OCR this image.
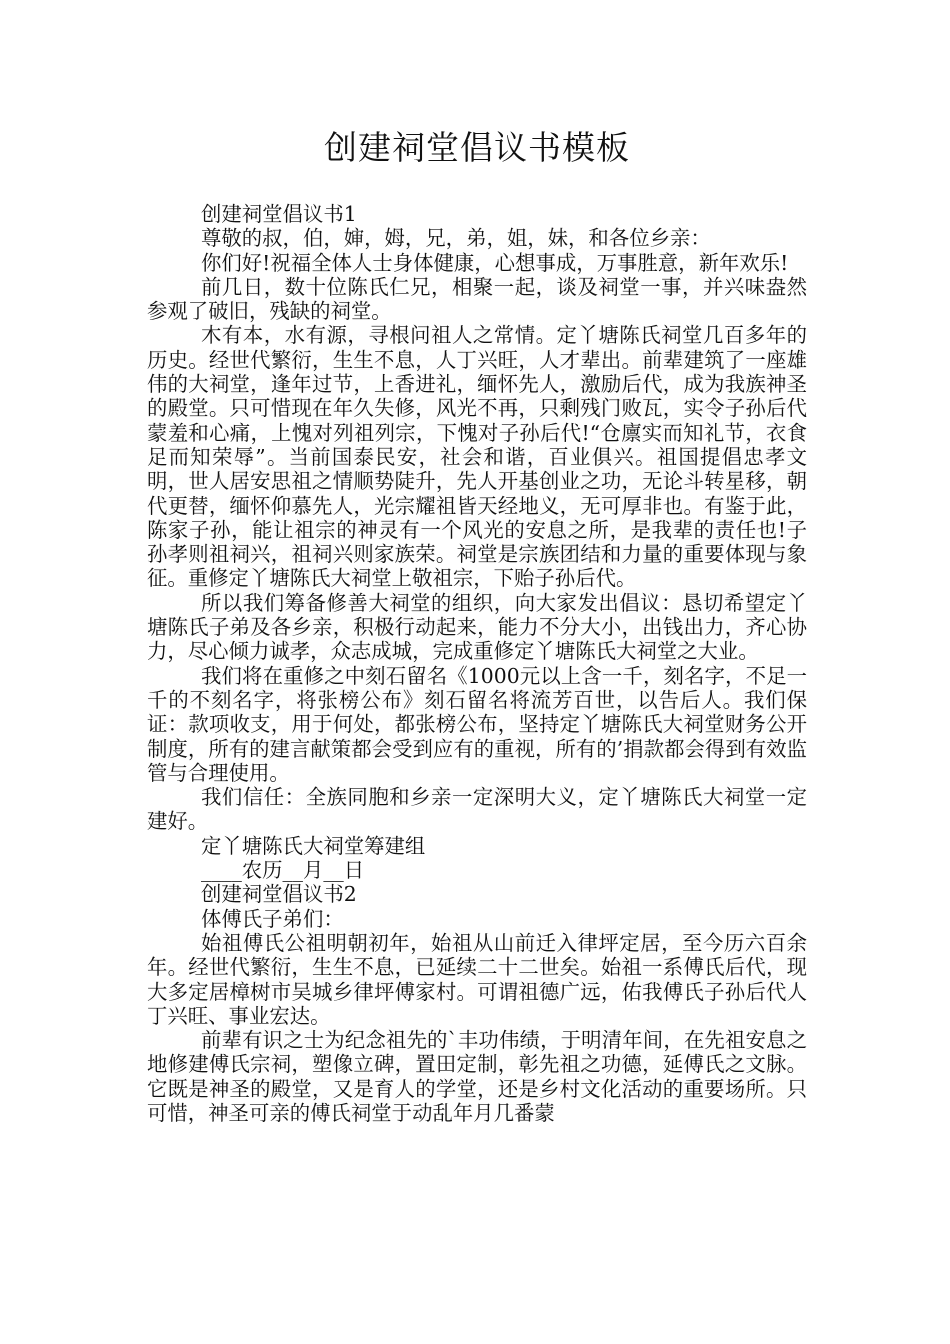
创建祠堂倡议书模板

创建祠堂倡议书1

尊敬的叔，伯，婶，姆，兄，弟，姐，妹，和各位乡亲：

你们好!祝福全体人士身体健康，心想事成，万事胜意，新年欢乐!

前几日，数十位陈氏仁兄，相聚一起，谈及祠堂一事，并兴味盎然参观了破旧，残缺的祠堂。

木有本，水有源，寻根问祖人之常情。定丫塘陈氏祠堂几百多年的历史。经世代繁衍，生生不息，人丁兴旺，人才辈出。前辈建筑了一座雄伟的大祠堂，逢年过节，上香进礼，缅怀先人，激励后代，成为我族神圣的殿堂。只可惜现在年久失修，风光不再，只剩残门败瓦，实令子孙后代蒙羞和心痛，上愧对列祖列宗，下愧对子孙后代!“仓廪实而知礼节，衣食足而知荣辱”。当前国泰民安，社会和谐，百业俱兴。祖国提倡忠孝文明，世人居安思祖之情顺势陡升，先人开基创业之功，无论斗转星移，朝代更替，缅怀仰慕先人，光宗耀祖皆天经地义，无可厚非也。有鉴于此，陈家子孙，能让祖宗的神灵有一个风光的安息之所，是我辈的责任也!子孙孝则祖祠兴，祖祠兴则家族荣。祠堂是宗族团结和力量的重要体现与象征。重修定丫塘陈氏大祠堂上敬祖宗，下贻子孙后代。

所以我们筹备修善大祠堂的组织，向大家发出倡议：恳切希望定丫塘陈氏子弟及各乡亲，积极行动起来，能力不分大小，出钱出力，齐心协力，尽心倾力诚孝，众志成城，完成重修定丫塘陈氏大祠堂之大业。

我们将在重修之中刻石留名《1000元以上含一千，刻名字，不足一千的不刻名字，将张榜公布》刻石留名将流芳百世，以告后人。我们保证：款项收支，用于何处，都张榜公布，坚持定丫塘陈氏大祠堂财务公开制度，所有的建言献策都会受到应有的重视，所有的’捐款都会得到有效监管与合理使用。

我们信任：全族同胞和乡亲一定深明大义，定丫塘陈氏大祠堂一定建好。

定丫塘陈氏大祠堂筹建组

____农历__月__日

创建祠堂倡议书2

体傅氏子弟们：

始祖傅氏公祖明朝初年，始祖从山前迁入律坪定居，至今历六百余年。经世代繁衍，生生不息，已延续二十二世矣。始祖一系傅氏后代，现大多定居樟树市吴城乡律坪傅家村。可谓祖德广远，佑我傅氏子孙后代人丁兴旺、事业宏达。

前辈有识之士为纪念祖先的`丰功伟绩，于明清年间，在先祖安息之地修建傅氏宗祠，塑像立碑，置田定制，彰先祖之功德，延傅氏之文脉。它既是神圣的殿堂，又是育人的学堂，还是乡村文化活动的重要场所。只可惜，神圣可亲的傅氏祠堂于动乱年月几番蒙
